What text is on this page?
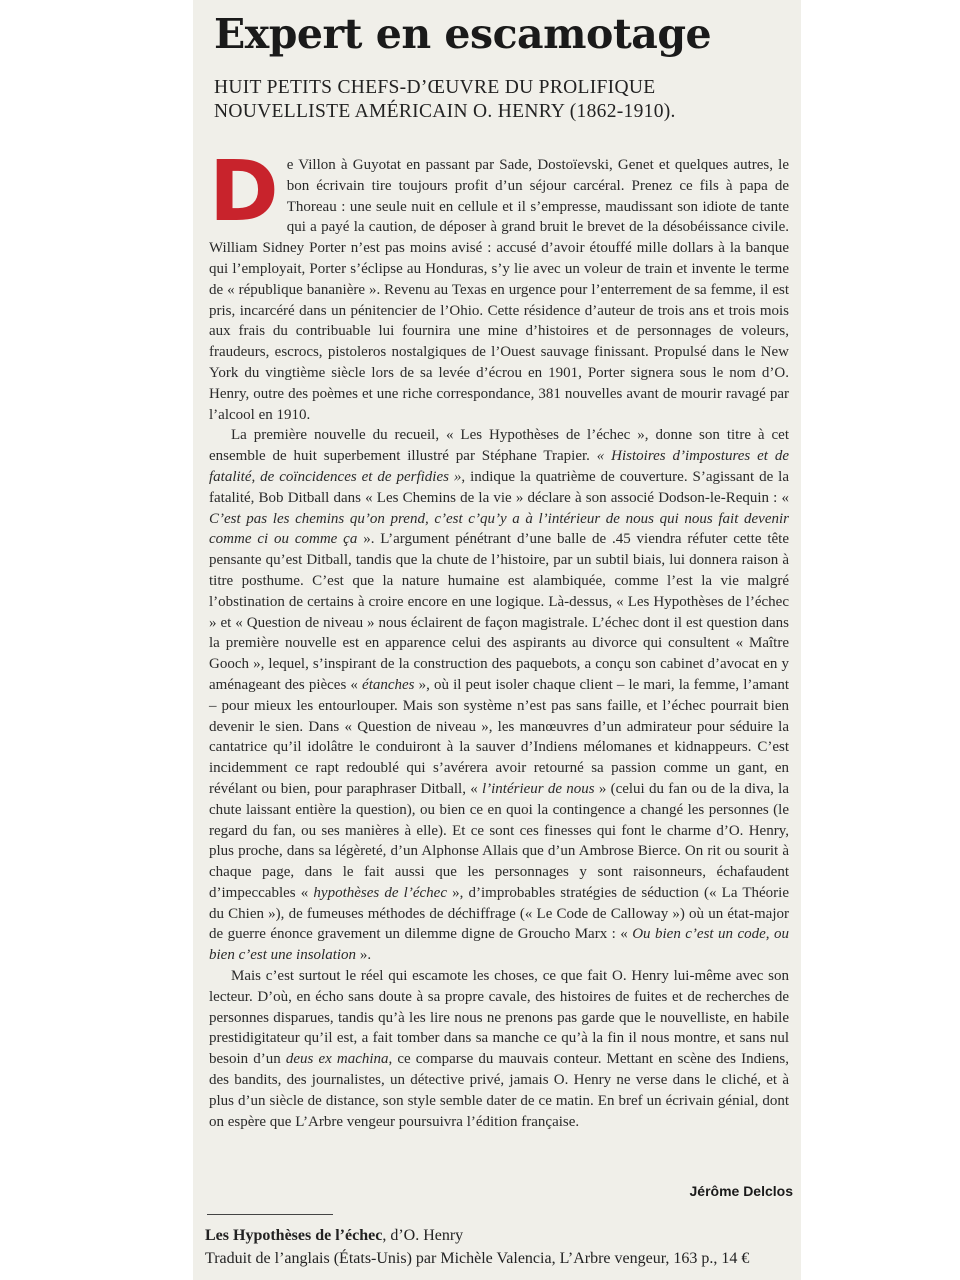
Expert en escamotage
HUIT PETITS CHEFS-D’ŒUVRE DU PROLIFIQUE
NOUVELLISTE AMÉRICAIN O. HENRY (1862-1910).

De Villon à Guyotat en passant par Sade, Dostoïevski, Genet et quelques autres, le bon écrivain tire toujours profit d’un séjour carcéral. Prenez ce fils à papa de Thoreau : une seule nuit en cellule et il s’empresse, maudissant son idiote de tante qui a payé la caution, de déposer à grand bruit le brevet de la désobéissance civile. William Sidney Porter n’est pas moins avisé : accusé d’avoir étouffé mille dollars à la banque qui l’employait, Porter s’éclipse au Honduras, s’y lie avec un voleur de train et invente le terme de « république bananière ». Revenu au Texas en urgence pour l’enterrement de sa femme, il est pris, incarcéré dans un pénitencier de l’Ohio. Cette résidence d’auteur de trois ans et trois mois aux frais du contribuable lui fournira une mine d’histoires et de personnages de voleurs, fraudeurs, escrocs, pistoleros nostalgiques de l’Ouest sauvage finissant. Propulsé dans le New York du vingtième siècle lors de sa levée d’écrou en 1901, Porter signera sous le nom d’O. Henry, outre des poèmes et une riche correspondance, 381 nouvelles avant de mourir ravagé par l’alcool en 1910.

La première nouvelle du recueil, « Les Hypothèses de l’échec », donne son titre à cet ensemble de huit superbement illustré par Stéphane Trapier. « Histoires d’impostures et de fatalité, de coïncidences et de perfidies », indique la quatrième de couverture. S’agissant de la fatalité, Bob Ditball dans « Les Chemins de la vie » déclare à son associé Dodson-le-Requin : « C’est pas les chemins qu’on prend, c’est c’qu’y a à l’intérieur de nous qui nous fait devenir comme ci ou comme ça ». L’argument pénétrant d’une balle de .45 viendra réfuter cette tête pensante qu’est Ditball, tandis que la chute de l’histoire, par un subtil biais, lui donnera raison à titre posthume. C’est que la nature humaine est alambiquée, comme l’est la vie malgré l’obstination de certains à croire encore en une logique. Là-dessus, « Les Hypothèses de l’échec » et « Question de niveau » nous éclairent de façon magistrale. L’échec dont il est question dans la première nouvelle est en apparence celui des aspirants au divorce qui consultent « Maître Gooch », lequel, s’inspirant de la construction des paquebots, a conçu son cabinet d’avocat en y aménageant des pièces « étanches », où il peut isoler chaque client – le mari, la femme, l’amant – pour mieux les entourlouper. Mais son système n’est pas sans faille, et l’échec pourrait bien devenir le sien. Dans « Question de niveau », les manœuvres d’un admirateur pour séduire la cantatrice qu’il idolâtre le conduiront à la sauver d’Indiens mélomanes et kidnappeurs. C’est incidemment ce rapt redoublé qui s’avérera avoir retourné sa passion comme un gant, en révélant ou bien, pour paraphraser Ditball, « l’intérieur de nous » (celui du fan ou de la diva, la chute laissant entière la question), ou bien ce en quoi la contingence a changé les personnes (le regard du fan, ou ses manières à elle). Et ce sont ces finesses qui font le charme d’O. Henry, plus proche, dans sa légèreté, d’un Alphonse Allais que d’un Ambrose Bierce. On rit ou sourit à chaque page, dans le fait aussi que les personnages y sont raisonneurs, échafaudent d’impeccables « hypothèses de l’échec », d’improbables stratégies de séduction (« La Théorie du Chien »), de fumeuses méthodes de déchiffrage (« Le Code de Calloway ») où un état-major de guerre énonce gravement un dilemme digne de Groucho Marx : « Ou bien c’est un code, ou bien c’est une insolation ».

Mais c’est surtout le réel qui escamote les choses, ce que fait O. Henry lui-même avec son lecteur. D’où, en écho sans doute à sa propre cavale, des histoires de fuites et de recherches de personnes disparues, tandis qu’à les lire nous ne prenons pas garde que le nouvelliste, en habile prestidigitateur qu’il est, a fait tomber dans sa manche ce qu’à la fin il nous montre, et sans nul besoin d’un deus ex machina, ce comparse du mauvais conteur. Mettant en scène des Indiens, des bandits, des journalistes, un détective privé, jamais O. Henry ne verse dans le cliché, et à plus d’un siècle de distance, son style semble dater de ce matin. En bref un écrivain génial, dont on espère que L’Arbre vengeur poursuivra l’édition française.

Jérôme Delclos
Les Hypothèses de l’échec, d’O. Henry
Traduit de l’anglais (États-Unis) par Michèle Valencia, L’Arbre vengeur, 163 p., 14 €
